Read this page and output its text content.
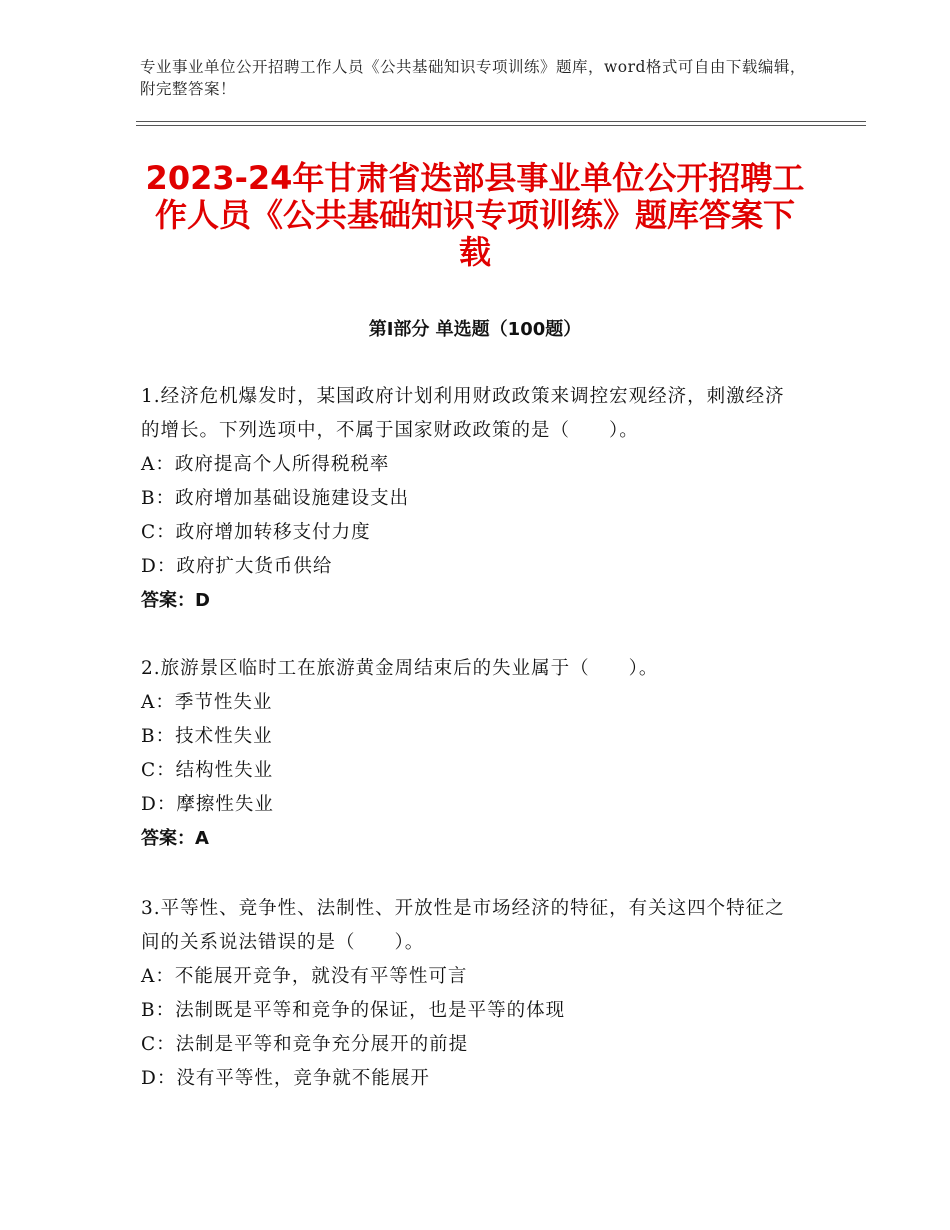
专业事业单位公开招聘工作人员《公共基础知识专项训练》题库，word格式可自由下载编辑，附完整答案！
2023-24年甘肃省迭部县事业单位公开招聘工作人员《公共基础知识专项训练》题库答案下载
第Ⅰ部分 单选题（100题）

1.经济危机爆发时，某国政府计划利用财政政策来调控宏观经济，刺激经济的增长。下列选项中，不属于国家财政政策的是（　　）。

A：政府提高个人所得税税率

B：政府增加基础设施建设支出

C：政府增加转移支付力度

D：政府扩大货币供给

答案：D

2.旅游景区临时工在旅游黄金周结束后的失业属于（　　）。

A：季节性失业

B：技术性失业

C：结构性失业

D：摩擦性失业

答案：A

3.平等性、竞争性、法制性、开放性是市场经济的特征，有关这四个特征之间的关系说法错误的是（　　）。

A：不能展开竞争，就没有平等性可言

B：法制既是平等和竞争的保证，也是平等的体现

C：法制是平等和竞争充分展开的前提

D：没有平等性，竞争就不能展开
